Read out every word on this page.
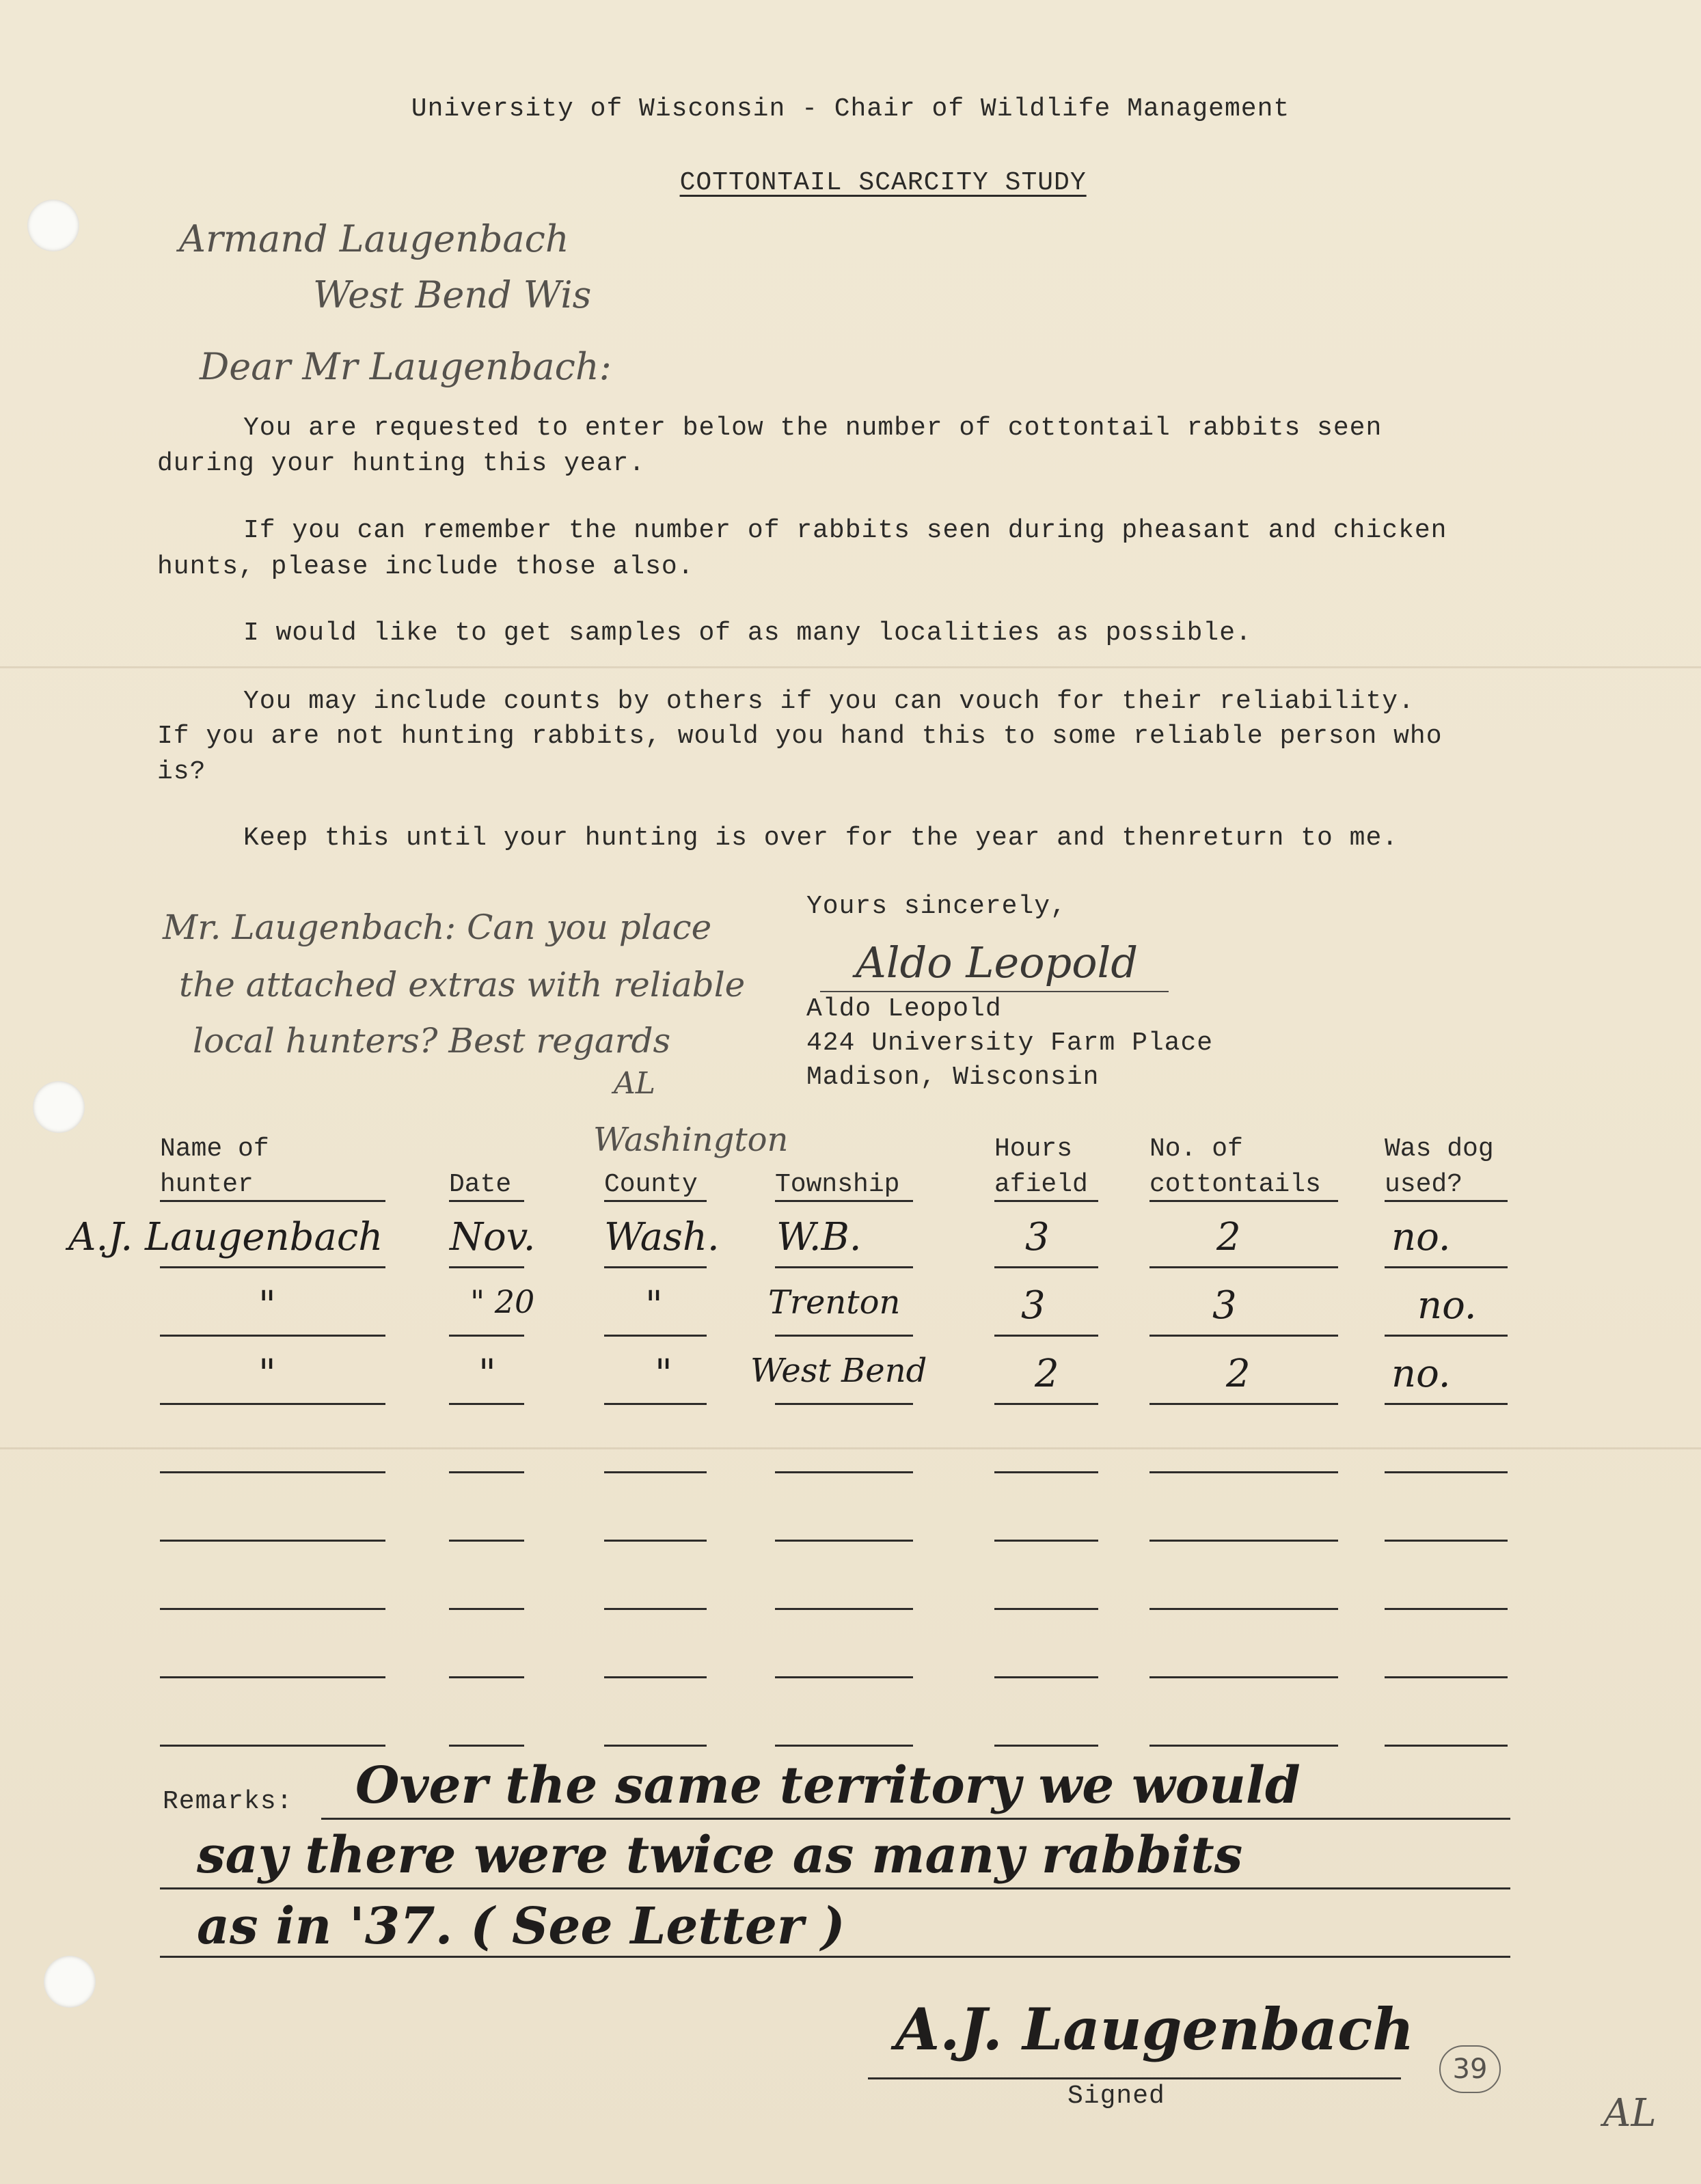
University of Wisconsin - Chair of Wildlife Management

COTTONTAIL SCARCITY STUDY

Armand Laugenbach
West Bend Wis
Dear Mr Laugenbach:
You are requested to enter below the number of cottontail rabbits seen
during your hunting this year.
If you can remember the number of rabbits seen during pheasant and chicken
hunts, please include those also.
I would like to get samples of as many localities as possible.
You may include counts by others if you can vouch for their reliability.
If you are not hunting rabbits, would you hand this to some reliable person who
is?
Keep this until your hunting is over for the year and thenreturn to me.
Mr. Laugenbach: Can you place
the attached extras with reliable
local hunters? Best regards
AL
Yours sincerely,
Aldo Leopold
Aldo Leopold
424 University Farm Place
Madison, Wisconsin
Washington
Name of
hunter	Date	County	Township
Hours
afield
No. of
cottontails
Was dog
used?
A.J. Laugenbach Nov. Wash. W.B.	3	2	no.
"	" 20	"	Trenton	3	3	no.
"	"	" West Bend	2	2	no.
Remarks: Over the same territory we would
say there were twice as many rabbits
as in '37. ( See Letter )
A.J. Laugenbach
Signed
39
AL
